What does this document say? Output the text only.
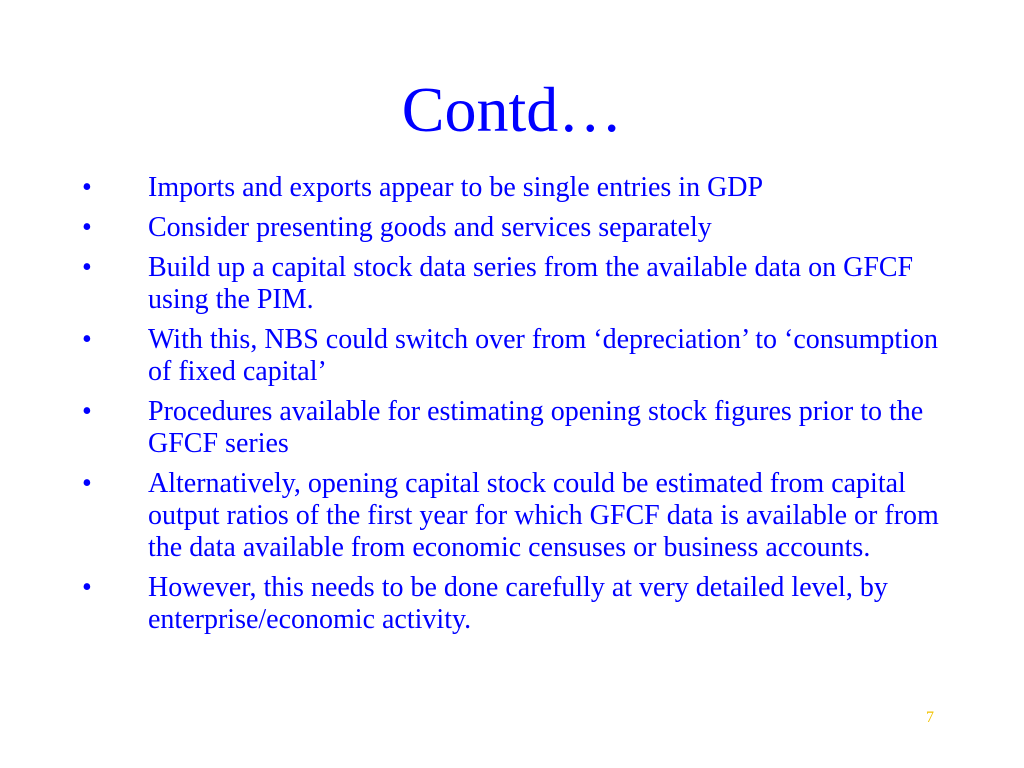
Contd…
•	Imports and exports appear to be single entries in GDP
•	Consider presenting goods and services separately
•	Build up a capital stock data series from the available data on GFCF using the PIM.
•	With this, NBS could switch over from ‘depreciation’ to ‘consumption of fixed capital’
•	Procedures available for estimating opening stock figures prior to the GFCF series
•	Alternatively, opening capital stock could be estimated from capital output ratios of the first year for which GFCF data is available or from the data available from economic censuses or business accounts.
•	However, this needs to be done carefully at very detailed level, by enterprise/economic activity.
7
